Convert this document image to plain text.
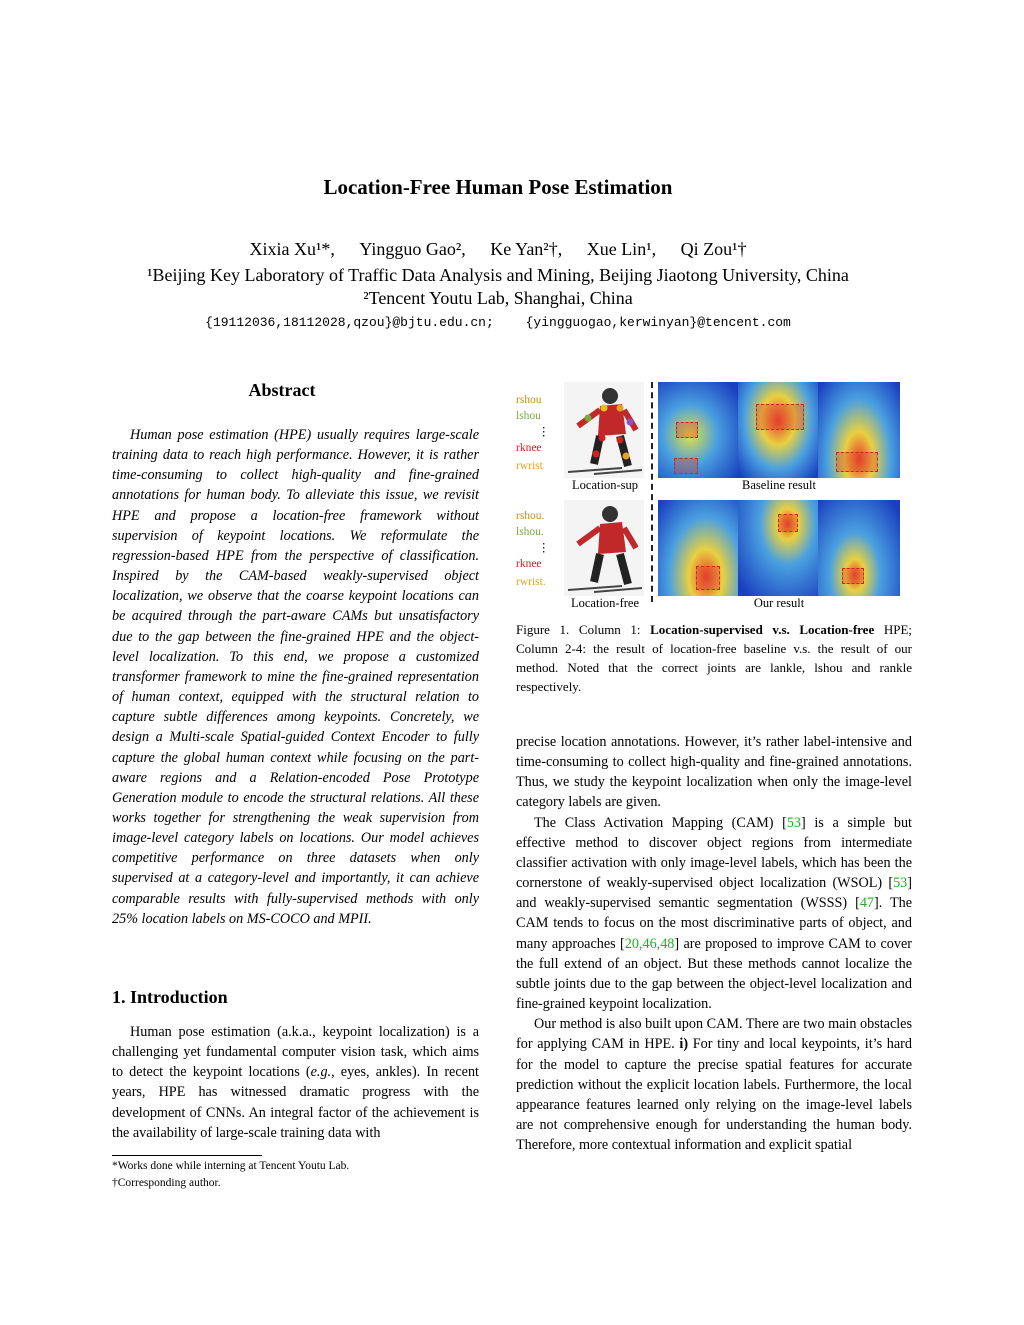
Location-Free Human Pose Estimation
Xixia Xu¹*, Yingguo Gao², Ke Yan²†, Xue Lin¹, Qi Zou¹†
¹Beijing Key Laboratory of Traffic Data Analysis and Mining, Beijing Jiaotong University, China
²Tencent Youtu Lab, Shanghai, China
{19112036,18112028,qzou}@bjtu.edu.cn; {yingguogao,kerwinyan}@tencent.com
Abstract
Human pose estimation (HPE) usually requires large-scale training data to reach high performance. However, it is rather time-consuming to collect high-quality and fine-grained annotations for human body. To alleviate this issue, we revisit HPE and propose a location-free framework without supervision of keypoint locations. We reformulate the regression-based HPE from the perspective of classification. Inspired by the CAM-based weakly-supervised object localization, we observe that the coarse keypoint locations can be acquired through the part-aware CAMs but unsatisfactory due to the gap between the fine-grained HPE and the object-level localization. To this end, we propose a customized transformer framework to mine the fine-grained representation of human context, equipped with the structural relation to capture subtle differences among keypoints. Concretely, we design a Multi-scale Spatial-guided Context Encoder to fully capture the global human context while focusing on the part-aware regions and a Relation-encoded Pose Prototype Generation module to encode the structural relations. All these works together for strengthening the weak supervision from image-level category labels on locations. Our model achieves competitive performance on three datasets when only supervised at a category-level and importantly, it can achieve comparable results with fully-supervised methods with only 25% location labels on MS-COCO and MPII.
1. Introduction
Human pose estimation (a.k.a., keypoint localization) is a challenging yet fundamental computer vision task, which aims to detect the keypoint locations (e.g., eyes, ankles). In recent years, HPE has witnessed dramatic progress with the development of CNNs. An integral factor of the achievement is the availability of large-scale training data with
*Works done while interning at Tencent Youtu Lab.
†Corresponding author.
rshou
lshou
⋮
rknee
rwrist
Location-sup	Baseline result
rshou.
lshou.
⋮
rknee
rwrist.
Location-free	Our result
Figure 1. Column 1: Location-supervised v.s. Location-free HPE; Column 2-4: the result of location-free baseline v.s. the result of our method. Noted that the correct joints are lankle, lshou and rankle respectively.

precise location annotations. However, it’s rather label-intensive and time-consuming to collect high-quality and fine-grained annotations. Thus, we study the keypoint localization when only the image-level category labels are given.

The Class Activation Mapping (CAM) [53] is a simple but effective method to discover object regions from intermediate classifier activation with only image-level labels, which has been the cornerstone of weakly-supervised object localization (WSOL) [53] and weakly-supervised semantic segmentation (WSSS) [47]. The CAM tends to focus on the most discriminative parts of object, and many approaches [20,46,48] are proposed to improve CAM to cover the full extend of an object. But these methods cannot localize the subtle joints due to the gap between the object-level localization and fine-grained keypoint localization.

Our method is also built upon CAM. There are two main obstacles for applying CAM in HPE. i) For tiny and local keypoints, it’s hard for the model to capture the precise spatial features for accurate prediction without the explicit location labels. Furthermore, the local appearance features learned only relying on the image-level labels are not comprehensive enough for understanding the human body. Therefore, more contextual information and explicit spatial
